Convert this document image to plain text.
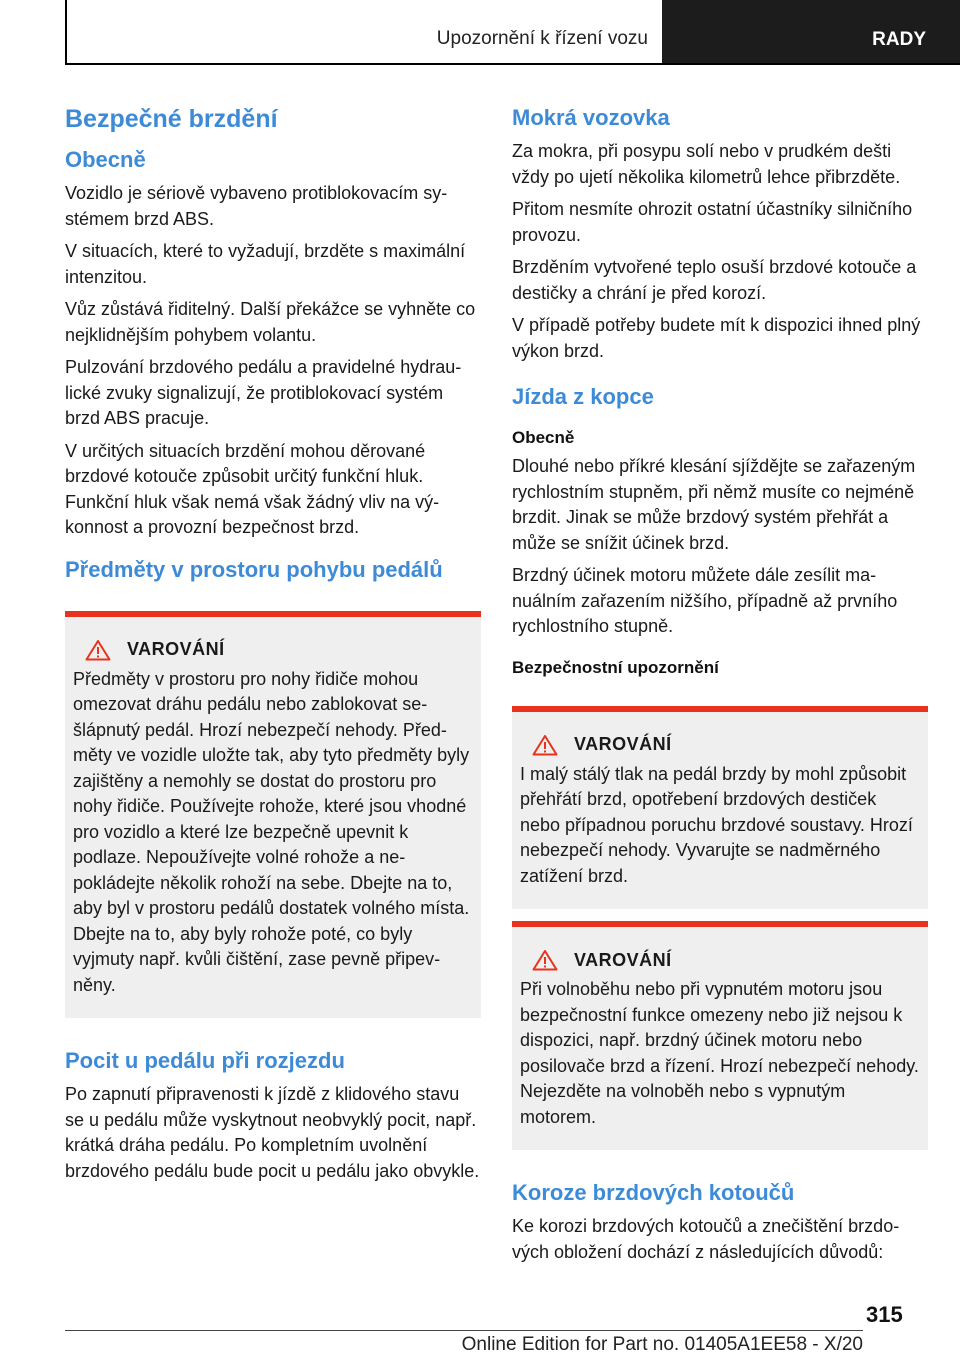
Upozornění k řízení vozu	RADY
Bezpečné brzdění
Obecně

Vozidlo je sériově vybaveno protiblokovacím systémem brzd ABS.

V situacích, které to vyžadují, brzděte s maximální intenzitou.

Vůz zůstává řiditelný. Další překážce se vyhněte co nejklidnějším pohybem volantu.

Pulzování brzdového pedálu a pravidelné hydraulické zvuky signalizují, že protiblokovací systém brzd ABS pracuje.

V určitých situacích brzdění mohou děrované brzdové kotouče způsobit určitý funkční hluk. Funkční hluk však nemá však žádný vliv na výkonnost a provozní bezpečnost brzd.

Předměty v prostoru pohybu pedálů
VAROVÁNÍ

Předměty v prostoru pro nohy řidiče mohou omezovat dráhu pedálu nebo zablokovat sešlápnutý pedál. Hrozí nebezpečí nehody. Předměty ve vozidle uložte tak, aby tyto předměty byly zajištěny a nemohly se dostat do prostoru pro nohy řidiče. Používejte rohože, které jsou vhodné pro vozidlo a které lze bezpečně upevnit k podlaze. Nepoužívejte volné rohože a nepokládejte několik rohoží na sebe. Dbejte na to, aby byl v prostoru pedálů dostatek volného místa. Dbejte na to, aby byly rohože poté, co byly vyjmuty např. kvůli čištění, zase pevně připevněny.

Pocit u pedálu při rozjezdu

Po zapnutí připravenosti k jízdě z klidového stavu se u pedálu může vyskytnout neobvyklý pocit, např. krátká dráha pedálu. Po kompletním uvolnění brzdového pedálu bude pocit u pedálu jako obvykle.

Mokrá vozovka

Za mokra, při posypu solí nebo v prudkém dešti vždy po ujetí několika kilometrů lehce přibrzděte.

Přitom nesmíte ohrozit ostatní účastníky silničního provozu.

Brzděním vytvořené teplo osuší brzdové kotouče a destičky a chrání je před korozí.

V případě potřeby budete mít k dispozici ihned plný výkon brzd.

Jízda z kopce
Obecně

Dlouhé nebo příkré klesání sjíždějte se zařazeným rychlostním stupněm, při němž musíte co nejméně brzdit. Jinak se může brzdový systém přehřát a může se snížit účinek brzd.

Brzdný účinek motoru můžete dále zesílit manuálním zařazením nižšího, případně až prvního rychlostního stupně.

Bezpečnostní upozornění
VAROVÁNÍ

I malý stálý tlak na pedál brzdy by mohl způsobit přehřátí brzd, opotřebení brzdových destiček nebo případnou poruchu brzdové soustavy. Hrozí nebezpečí nehody. Vyvarujte se nadměrného zatížení brzd.

VAROVÁNÍ

Při volnoběhu nebo při vypnutém motoru jsou bezpečnostní funkce omezeny nebo již nejsou k dispozici, např. brzdný účinek motoru nebo posilovače brzd a řízení. Hrozí nebezpečí nehody. Nejezděte na volnoběh nebo s vypnutým motorem.

Koroze brzdových kotoučů

Ke korozi brzdových kotoučů a znečištění brzdových obložení dochází z následujících důvodů:

315
Online Edition for Part no. 01405A1EE58 - X/20
